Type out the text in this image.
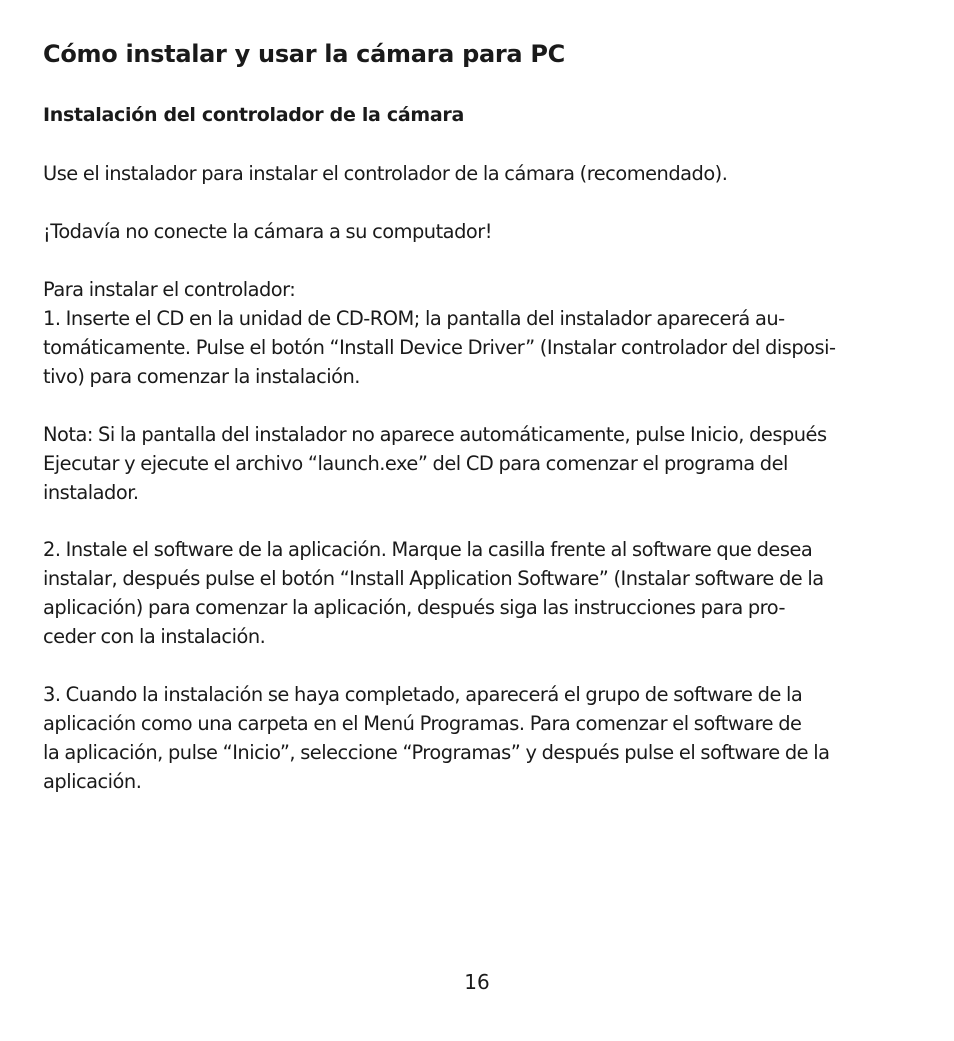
Cómo instalar y usar la cámara para PC
Instalación del controlador de la cámara

Use el instalador para instalar el controlador de la cámara (recomendado).

¡Todavía no conecte la cámara a su computador!

Para instalar el controlador:
1. Inserte el CD en la unidad de CD-ROM; la pantalla del instalador aparecerá au-
tomáticamente. Pulse el botón “Install Device Driver” (Instalar controlador del disposi-
tivo) para comenzar la instalación.

Nota: Si la pantalla del instalador no aparece automáticamente, pulse Inicio, después
Ejecutar y ejecute el archivo “launch.exe” del CD para comenzar el programa del
instalador.

2. Instale el software de la aplicación. Marque la casilla frente al software que desea
instalar, después pulse el botón “Install Application Software” (Instalar software de la
aplicación) para comenzar la aplicación, después siga las instrucciones para pro-
ceder con la instalación.

3. Cuando la instalación se haya completado, aparecerá el grupo de software de la
aplicación como una carpeta en el Menú Programas. Para comenzar el software de
la aplicación, pulse “Inicio”, seleccione “Programas” y después pulse el software de la
aplicación.

16
